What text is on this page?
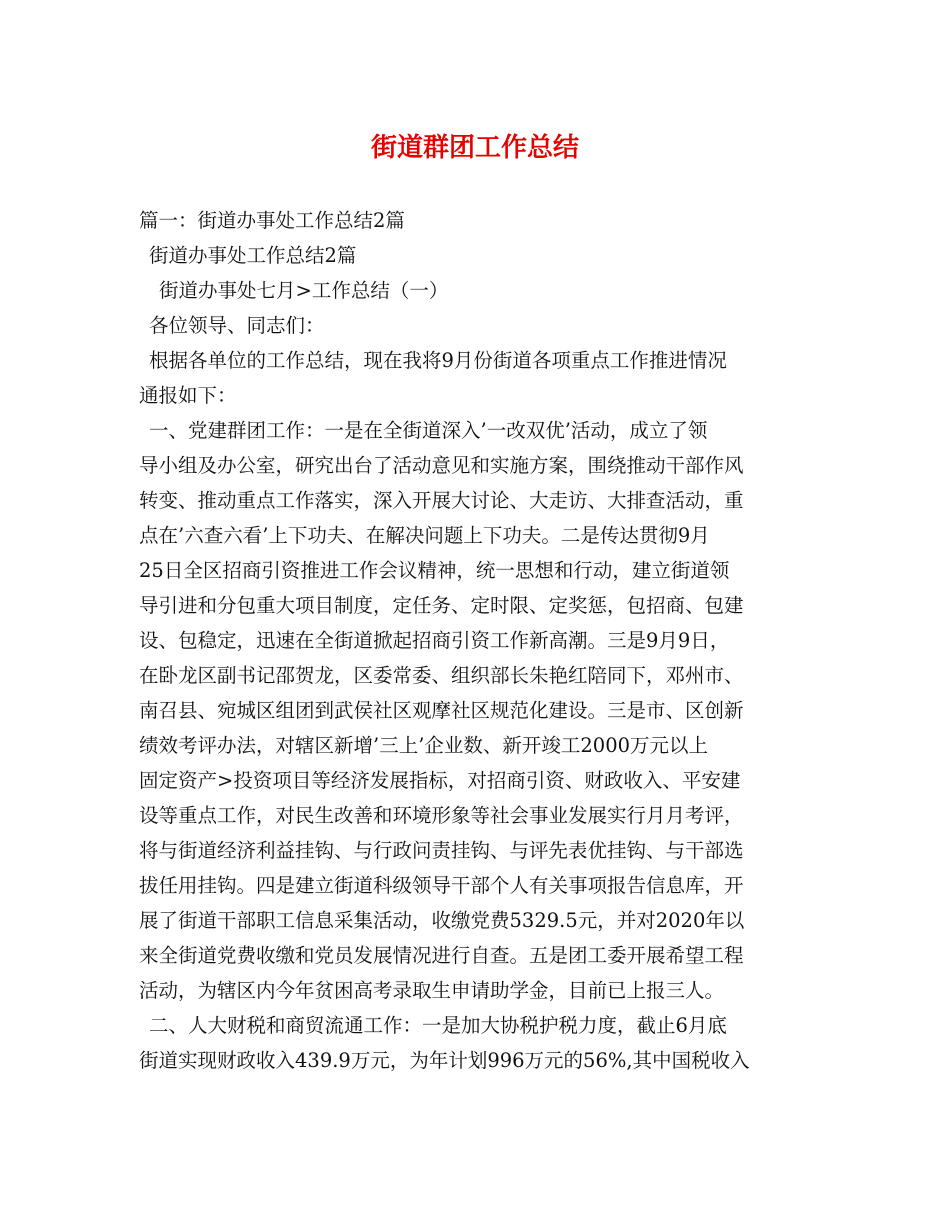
街道群团工作总结
篇一：街道办事处工作总结2篇
街道办事处工作总结2篇
街道办事处七月>工作总结（一）
各位领导、同志们：
根据各单位的工作总结，现在我将9月份街道各项重点工作推进情况
通报如下：
一、党建群团工作：一是在全街道深入’一改双优’活动，成立了领
导小组及办公室，研究出台了活动意见和实施方案，围绕推动干部作风
转变、推动重点工作落实，深入开展大讨论、大走访、大排查活动，重
点在’六查六看’上下功夫、在解决问题上下功夫。二是传达贯彻9月
25日全区招商引资推进工作会议精神，统一思想和行动，建立街道领
导引进和分包重大项目制度，定任务、定时限、定奖惩，包招商、包建
设、包稳定，迅速在全街道掀起招商引资工作新高潮。三是9月9日，
在卧龙区副书记邵贺龙，区委常委、组织部长朱艳红陪同下，邓州市、
南召县、宛城区组团到武侯社区观摩社区规范化建设。三是市、区创新
绩效考评办法，对辖区新增’三上’企业数、新开竣工2000万元以上
固定资产>投资项目等经济发展指标，对招商引资、财政收入、平安建
设等重点工作，对民生改善和环境形象等社会事业发展实行月月考评，
将与街道经济利益挂钩、与行政问责挂钩、与评先表优挂钩、与干部选
拔任用挂钩。四是建立街道科级领导干部个人有关事项报告信息库，开
展了街道干部职工信息采集活动，收缴党费5329.5元，并对2020年以
来全街道党费收缴和党员发展情况进行自查。五是团工委开展希望工程
活动，为辖区内今年贫困高考录取生申请助学金，目前已上报三人。
二、人大财税和商贸流通工作：一是加大协税护税力度，截止6月底
街道实现财政收入439.9万元，为年计划996万元的56%,其中国税收入
